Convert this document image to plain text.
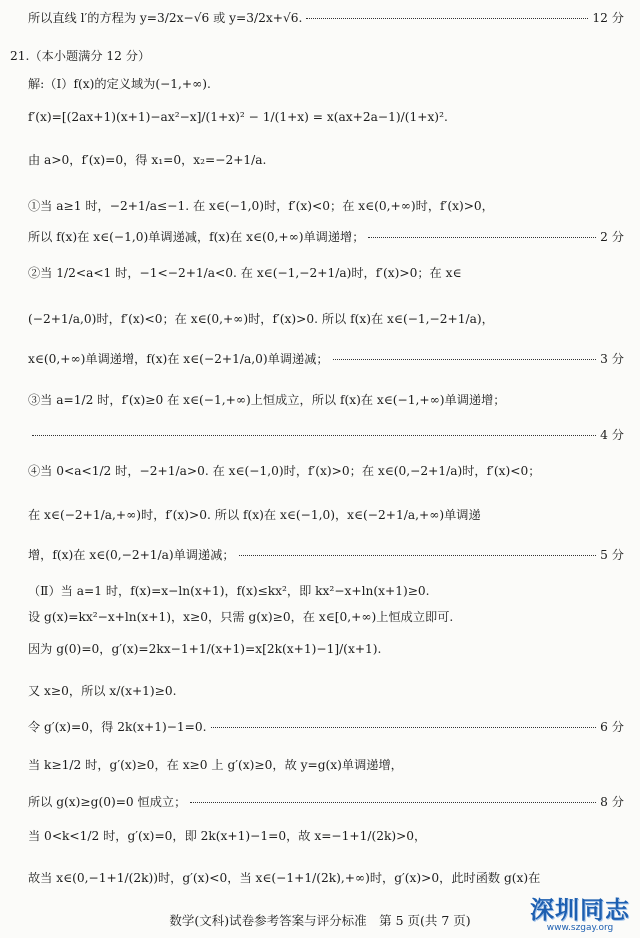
所以直线 l′的方程为 y=3/2x−√6 或 y=3/2x+√6.	12 分
21.（本小题满分 12 分）
解:（Ⅰ）f(x)的定义域为(−1,+∞).
f′(x)=[(2ax+1)(x+1)−ax²−x]/(1+x)² − 1/(1+x) = x(ax+2a−1)/(1+x)².
由 a>0，f′(x)=0，得 x₁=0，x₂=−2+1/a.
①当 a≥1 时，−2+1/a≤−1. 在 x∈(−1,0)时，f′(x)<0；在 x∈(0,+∞)时，f′(x)>0，
所以 f(x)在 x∈(−1,0)单调递减，f(x)在 x∈(0,+∞)单调递增；	2 分
②当 1/2<a<1 时，−1<−2+1/a<0. 在 x∈(−1,−2+1/a)时，f′(x)>0；在 x∈
(−2+1/a,0)时，f′(x)<0；在 x∈(0,+∞)时，f′(x)>0. 所以 f(x)在 x∈(−1,−2+1/a)，
x∈(0,+∞)单调递增，f(x)在 x∈(−2+1/a,0)单调递减；	3 分
③当 a=1/2 时，f′(x)≥0 在 x∈(−1,+∞)上恒成立，所以 f(x)在 x∈(−1,+∞)单调递增；
4 分
④当 0<a<1/2 时，−2+1/a>0. 在 x∈(−1,0)时，f′(x)>0；在 x∈(0,−2+1/a)时，f′(x)<0；
在 x∈(−2+1/a,+∞)时，f′(x)>0. 所以 f(x)在 x∈(−1,0)，x∈(−2+1/a,+∞)单调递
增，f(x)在 x∈(0,−2+1/a)单调递减；	5 分
（Ⅱ）当 a=1 时，f(x)=x−ln(x+1)，f(x)≤kx²，即 kx²−x+ln(x+1)≥0.
设 g(x)=kx²−x+ln(x+1)，x≥0，只需 g(x)≥0，在 x∈[0,+∞)上恒成立即可.
因为 g(0)=0，g′(x)=2kx−1+1/(x+1)=x[2k(x+1)−1]/(x+1).
又 x≥0，所以 x/(x+1)≥0.
令 g′(x)=0，得 2k(x+1)−1=0.	6 分
当 k≥1/2 时，g′(x)≥0，在 x≥0 上 g′(x)≥0，故 y=g(x)单调递增，
所以 g(x)≥g(0)=0 恒成立；	8 分
当 0<k<1/2 时，g′(x)=0，即 2k(x+1)−1=0，故 x=−1+1/(2k)>0，
故当 x∈(0,−1+1/(2k))时，g′(x)<0，当 x∈(−1+1/(2k),+∞)时，g′(x)>0，此时函数 g(x)在
数学(文科)试卷参考答案与评分标准　第 5 页(共 7 页)	深圳同志
www.szgay.org
